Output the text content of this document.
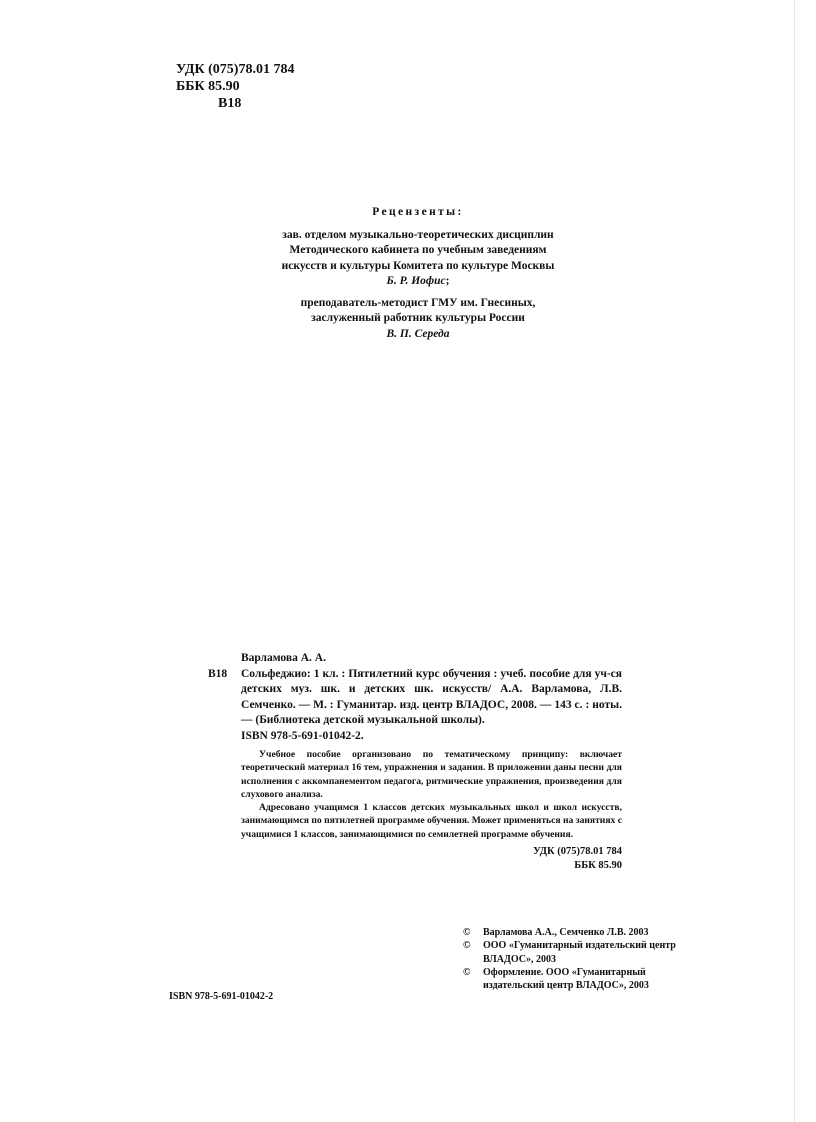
УДК (075)78.01 784
ББК 85.90
В18
Рецензенты:
зав. отделом музыкально-теоретических дисциплин
Методического кабинета по учебным заведениям
искусств и культуры Комитета по культуре Москвы
Б. Р. Иофис;
преподаватель-методист ГМУ им. Гнесиных,
заслуженный работник культуры России
В. П. Середа
Варламова А. А.
В18	Сольфеджио: 1 кл. : Пятилетний курс обучения : учеб. пособие для уч-ся детских муз. шк. и детских шк. искусств/ А.А. Варламова, Л.В. Семченко. — М. : Гуманитар. изд. центр ВЛАДОС, 2008. — 143 с. : ноты. — (Библиотека детской музыкальной школы).
ISBN 978-5-691-01042-2.

Учебное пособие организовано по тематическому принципу: включает теоретический материал 16 тем, упражнения и задания. В приложении даны песни для исполнения с аккомпанементом педагога, ритмические упражнения, произведения для слухового анализа.

Адресовано учащимся 1 классов детских музыкальных школ и школ искусств, занимающимся по пятилетней программе обучения. Может применяться на занятиях с учащимися 1 классов, занимающимися по семилетней программе обучения.

УДК (075)78.01 784
ББК 85.90
©	Варламова А.А., Семченко Л.В. 2003
©	ООО «Гуманитарный издательский центр ВЛАДОС», 2003
©	Оформление. ООО «Гуманитарный издательский центр ВЛАДОС», 2003
ISBN 978-5-691-01042-2
